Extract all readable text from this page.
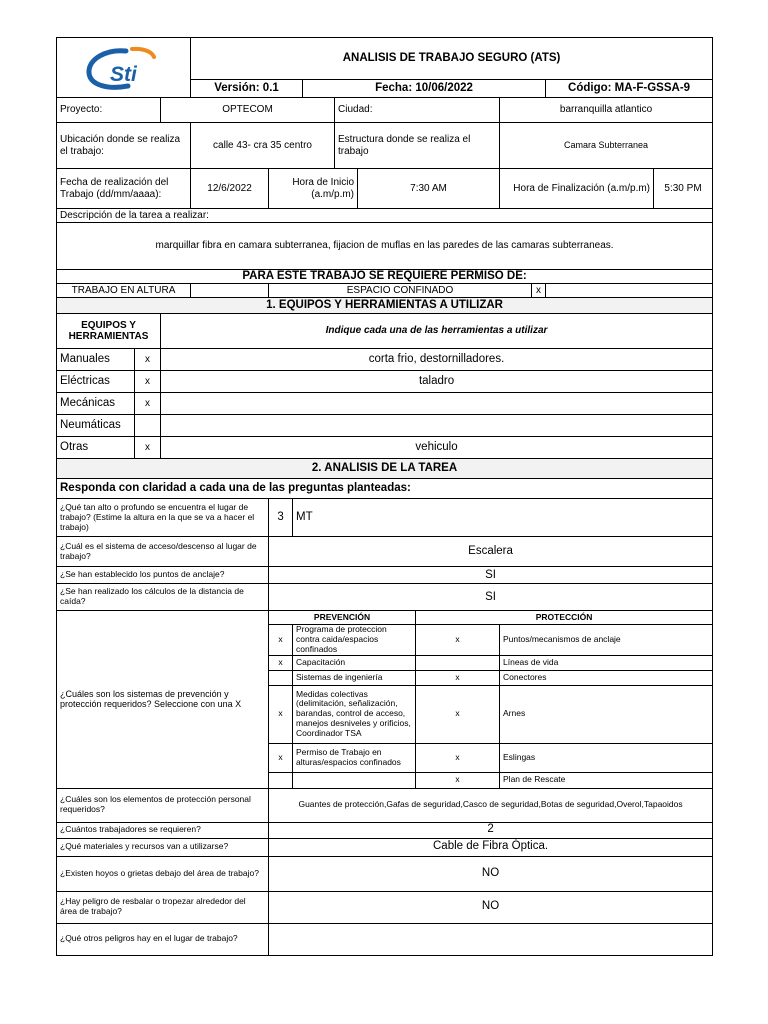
Sti			ANALISIS DE TRABAJO SEGURO (ATS)										
			Versión: 0.1			Fecha: 10/06/2022						Código: MA-F-GSSA-9	
Proyecto:		OPTECOM					Ciudad:			barranquilla atlantico			
Ubicación donde se realiza el trabajo:			calle 43- cra 35 centro				Estructura donde se realiza el trabajo			Camara Subterranea			
Fecha de realización del Trabajo (dd/mm/aaaa):			12/6/2022	Hora de Inicio (a.m/p.m)				7:30 AM		Hora de Finalización (a.m/p.m)			5:30 PM
Descripción de la tarea a realizar:													
marquillar fibra en camara subterranea, fijacion de muflas en las paredes de las camaras subterraneas.													
PARA ESTE TRABAJO SE REQUIERE PERMISO DE:													
TRABAJO EN ALTURA				ESPACIO CONFINADO							x		
1. EQUIPOS Y HERRAMIENTAS A UTILIZAR													
EQUIPOS Y HERRAMIENTAS		Indique cada una de las herramientas a utilizar											
Manuales	x	corta frio, destornilladores.											
Eléctricas	x	taladro											
Mecánicas	x												
Neumáticas													
Otras	x	vehiculo											
2. ANALISIS DE LA TAREA													
Responda con claridad a cada una de las preguntas planteadas:													
¿Qué tan alto o profundo se encuentra el lugar de trabajo? (Estime la altura en la que se va a hacer el trabajo)				3	MT								
¿Cuál es el sistema de acceso/descenso al lugar de trabajo?				Escalera									
¿Se han establecido los puntos de anclaje?				SI									
¿Se han realizado los cálculos de la distancia de caída?				SI									
¿Cuáles son los sistemas de prevención y protección requeridos? Seleccione con una X				PREVENCIÓN					PROTECCIÓN				
				x	Programa de proteccion contra caida/espacios confinados				x	Puntos/mecanismos de anclaje			
				x	Capacitación					Líneas de vida			
					Sistemas de ingeniería				x	Conectores			
				x	Medidas colectivas (delimitación, señalización, barandas, control de acceso, manejos desniveles y orificios, Coordinador TSA				x	Arnes			
				x	Permiso de Trabajo en alturas/espacios confinados				x	Eslingas			
									x	Plan de Rescate			
¿Cuáles son los elementos de protección personal requeridos?				Guantes de protección,Gafas de seguridad,Casco de seguridad,Botas de seguridad,Overol,Tapaoidos									
¿Cuántos trabajadores se requieren?				2									
¿Qué materiales y recursos van a utilizarse?				Cable de Fibra Óptica.									
¿Existen hoyos o grietas debajo del área de trabajo?				NO									
¿Hay peligro de resbalar o tropezar alrededor del área de trabajo?				NO									
¿Qué otros peligros hay en el lugar de trabajo?													
